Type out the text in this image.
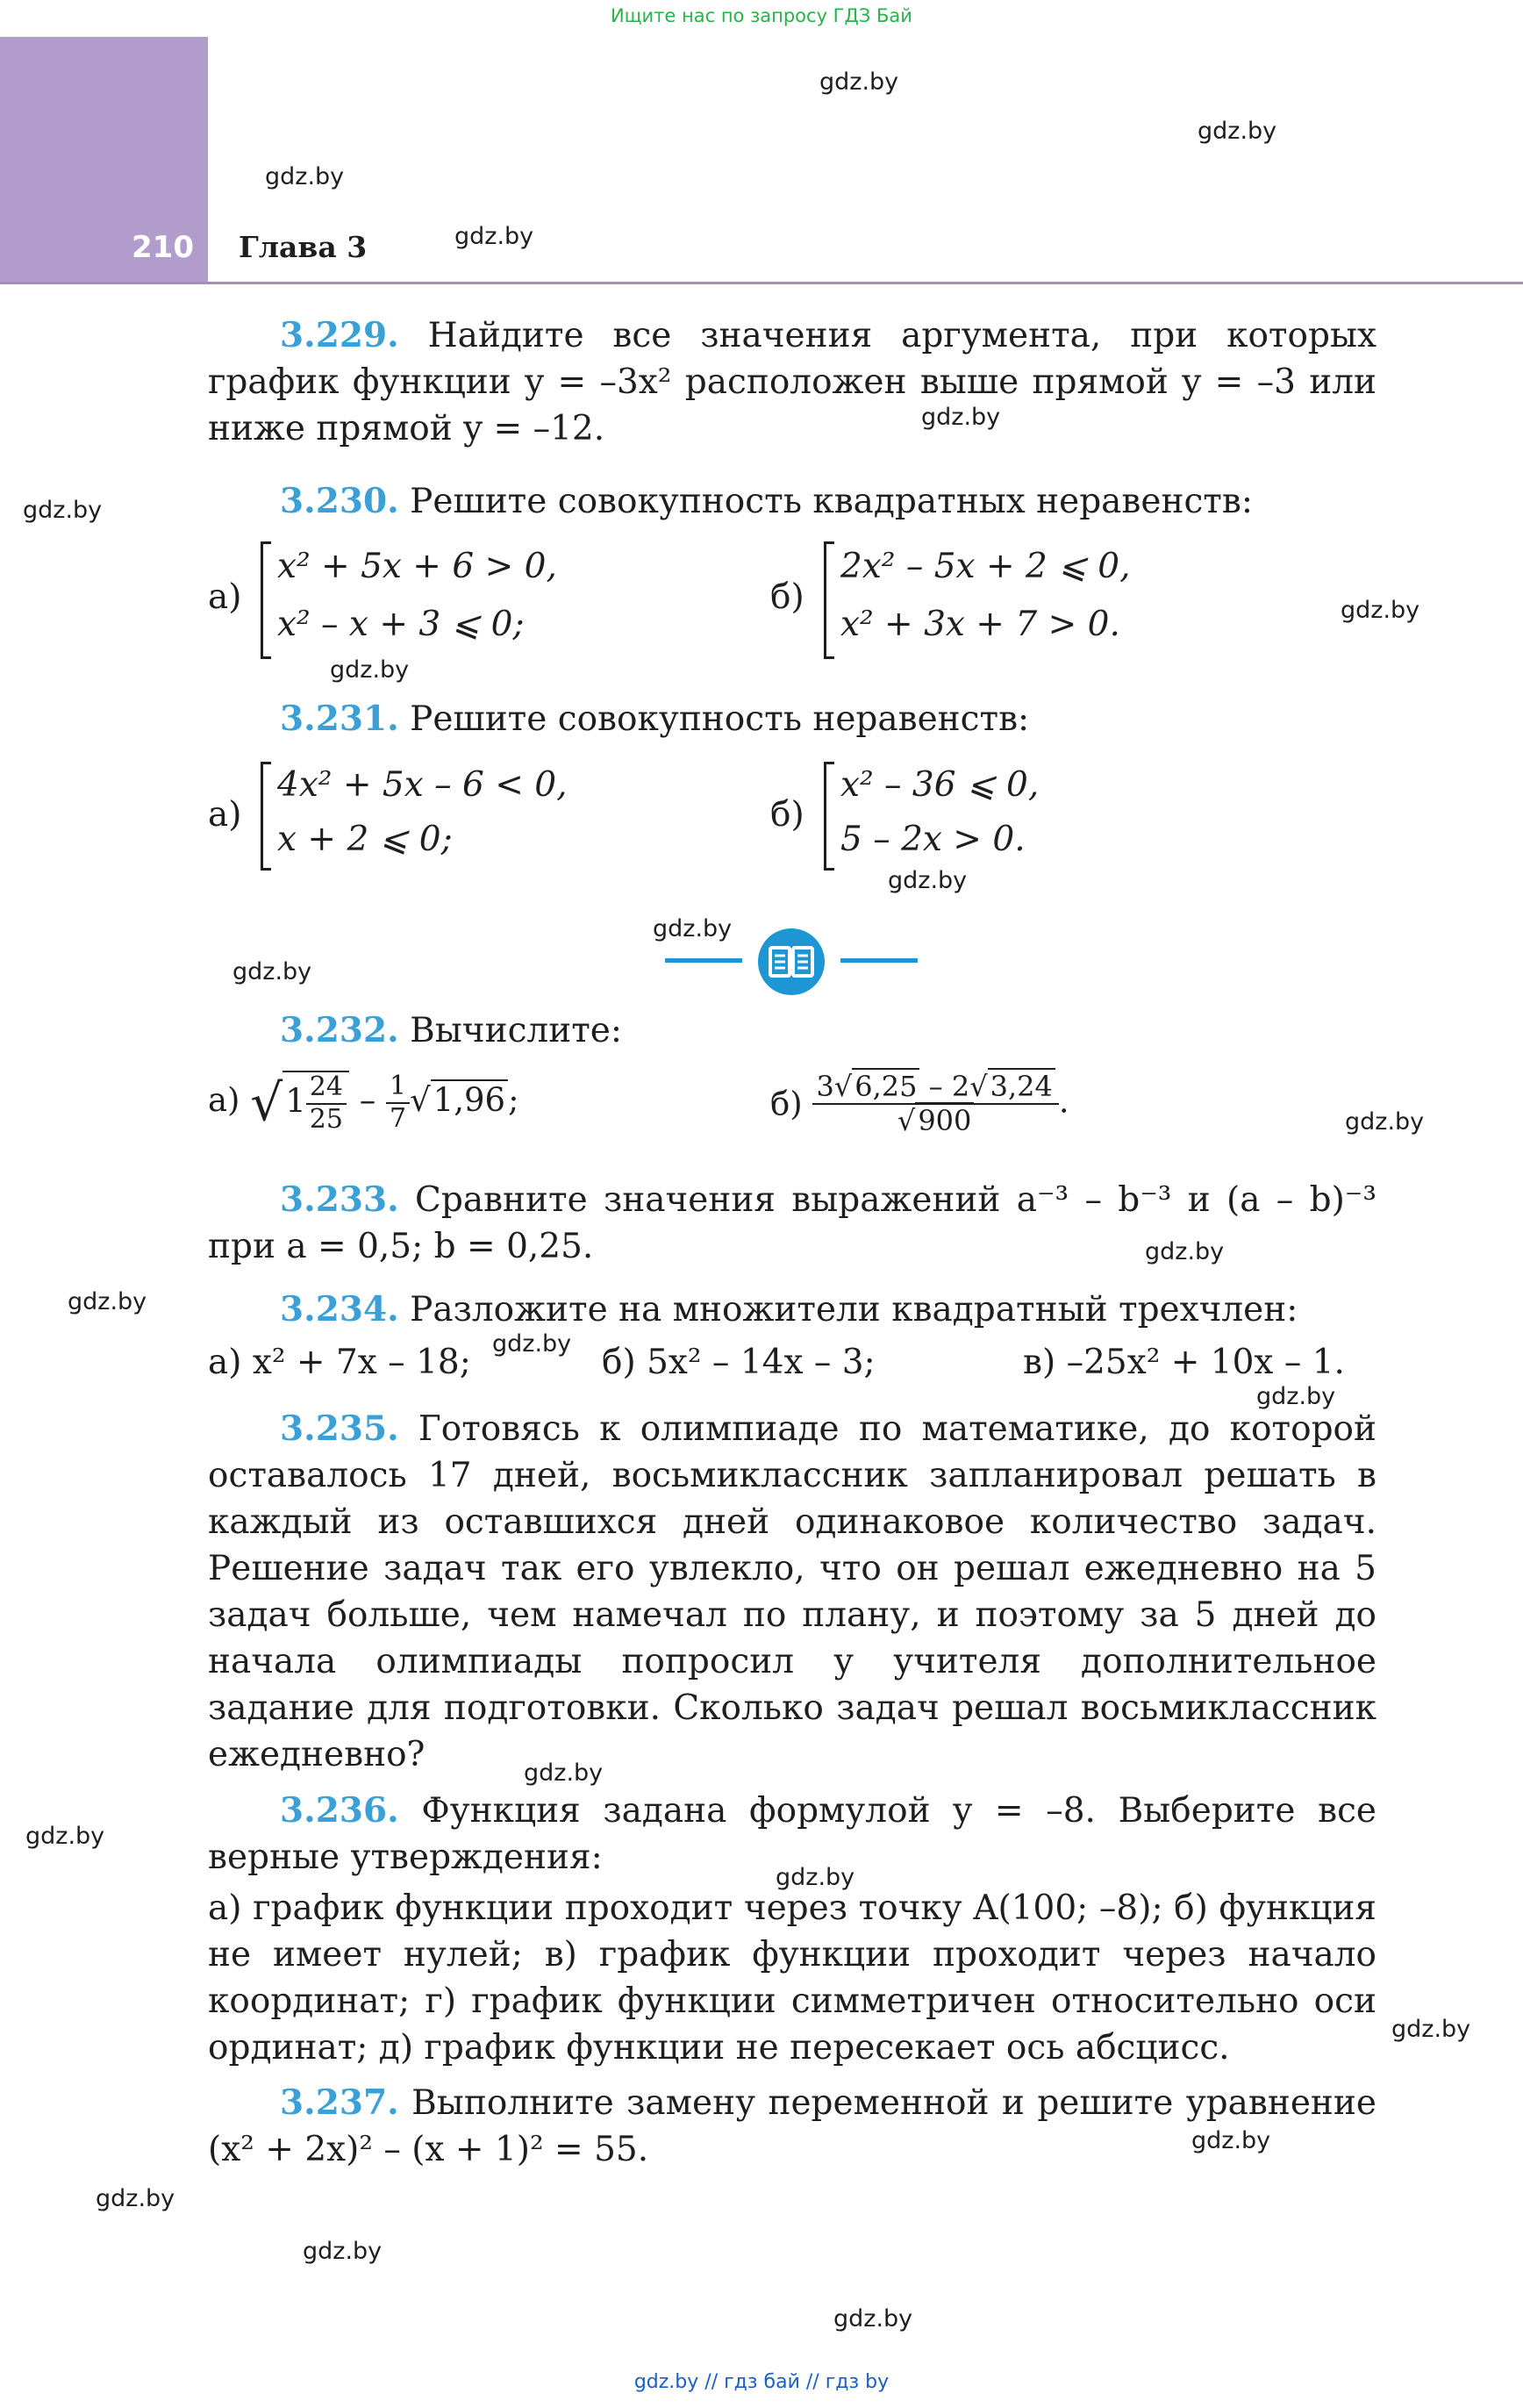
Ищите нас по запросу ГДЗ Бай
210 Глава 3
gdz.by
gdz.by
gdz.by
gdz.by
gdz.by
gdz.by
gdz.by
gdz.by
gdz.by
gdz.by
gdz.by
gdz.by
gdz.by
gdz.by
gdz.by
gdz.by
gdz.by
gdz.by
gdz.by
gdz.by
gdz.by
gdz.by
gdz.by
gdz.by
3.229. Найдите все значения аргумента, при которых график функции y = –3x² расположен выше прямой y = –3 или ниже прямой y = –12.
3.230. Решите совокупность квадратных неравенств:
а)
x² + 5x + 6 > 0,
x² – x + 3 ⩽ 0;
б)
2x² – 5x + 2 ⩽ 0,
x² + 3x + 7 > 0.
3.231. Решите совокупность неравенств:
а)
4x² + 5x – 6 < 0,
x + 2 ⩽ 0;
б)
x² – 36 ⩽ 0,
5 – 2x > 0.
3.232. Вычислите:
а) $√1 \frac{24}{25} - \frac{1}{7} √1,96$;	$б) \frac{3√6,25 - 2√3,24}{√900}$ .
3.233. Сравните значения выражений a⁻³ – b⁻³ и (a – b)⁻³ при a = 0,5; b = 0,25.
3.234. Разложите на множители квадратный трехчлен:
а) x² + 7x – 18;	б) 5x² – 14x – 3;	в) –25x² + 10x – 1.
3.235. Готовясь к олимпиаде по математике, до которой оставалось 17 дней, восьмиклассник запланировал решать в каждый из оставшихся дней одинаковое количество задач. Решение задач так его увлекло, что он решал ежедневно на 5 задач больше, чем намечал по плану, и поэтому за 5 дней до начала олимпиады попросил у учителя дополнительное задание для подготовки. Сколько задач решал восьмиклассник ежедневно?
3.236. Функция задана формулой y = –8. Выберите все верные утверждения:
а) график функции проходит через точку A(100; –8); б) функция не имеет нулей; в) график функции проходит через начало координат; г) график функции симметричен относительно оси ординат; д) график функции не пересекает ось абсцисс.
3.237. Выполните замену переменной и решите уравнение (x² + 2x)² – (x + 1)² = 55.
gdz.by // гдз бай // гдз by
